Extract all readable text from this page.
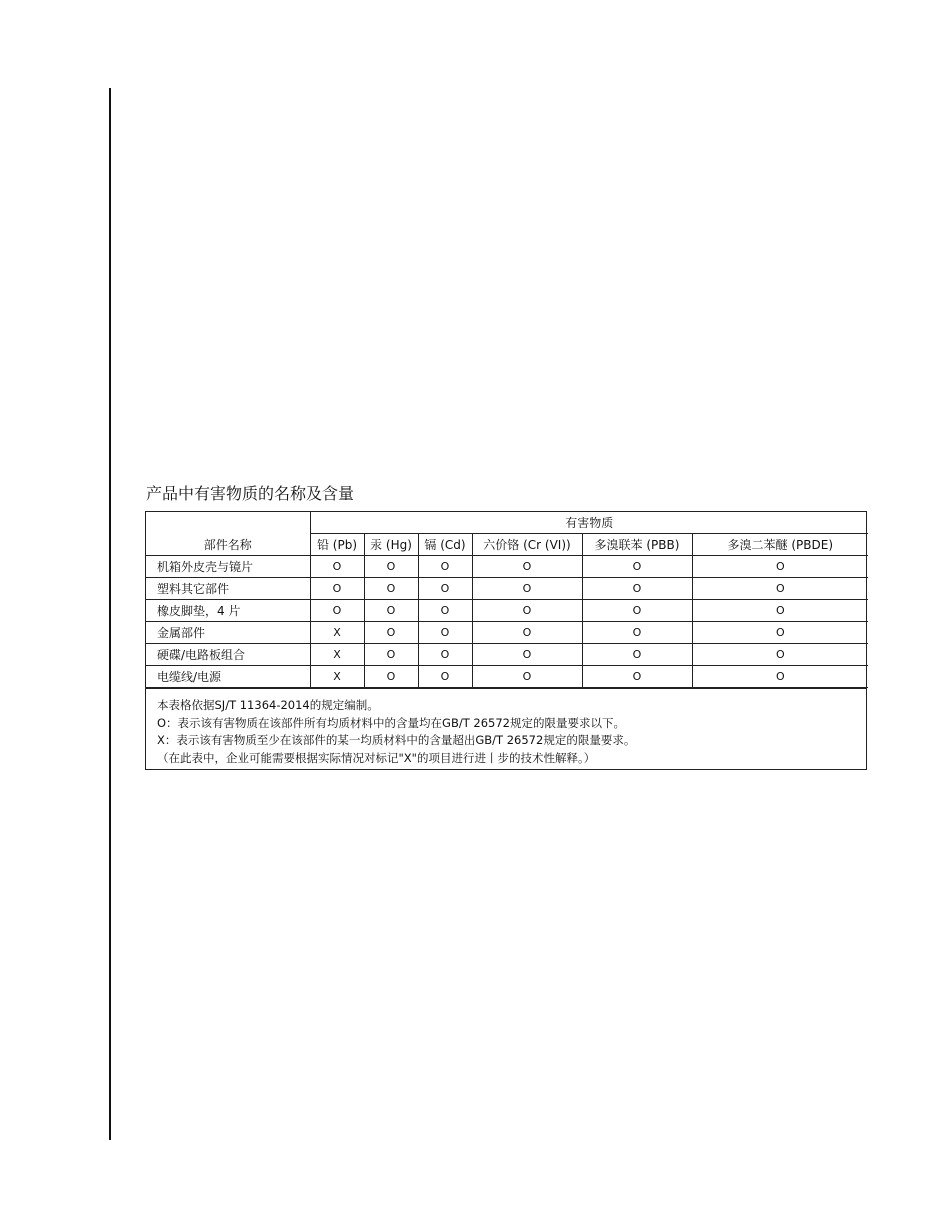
产品中有害物质的名称及含量
部件名称	有害物质					
	铅 (Pb)	汞 (Hg)	镉 (Cd)	六价铬 (Cr (VI))	多溴联苯 (PBB)	多溴二苯醚 (PBDE)
机箱外皮壳与镜片	O	O	O	O	O	O
塑料其它部件	O	O	O	O	O	O
橡皮脚垫，4 片	O	O	O	O	O	O
金属部件	X	O	O	O	O	O
硬碟/电路板组合	X	O	O	O	O	O
电缆线/电源	X	O	O	O	O	O
本表格依据SJ/T 11364-2014的规定编制。
O：表示该有害物质在该部件所有均质材料中的含量均在GB/T 26572规定的限量要求以下。
X：表示该有害物质至少在该部件的某一均质材料中的含量超出GB/T 26572规定的限量要求。
（在此表中，企业可能需要根据实际情况对标记"X"的项目进行进丨步的技术性解释。）
